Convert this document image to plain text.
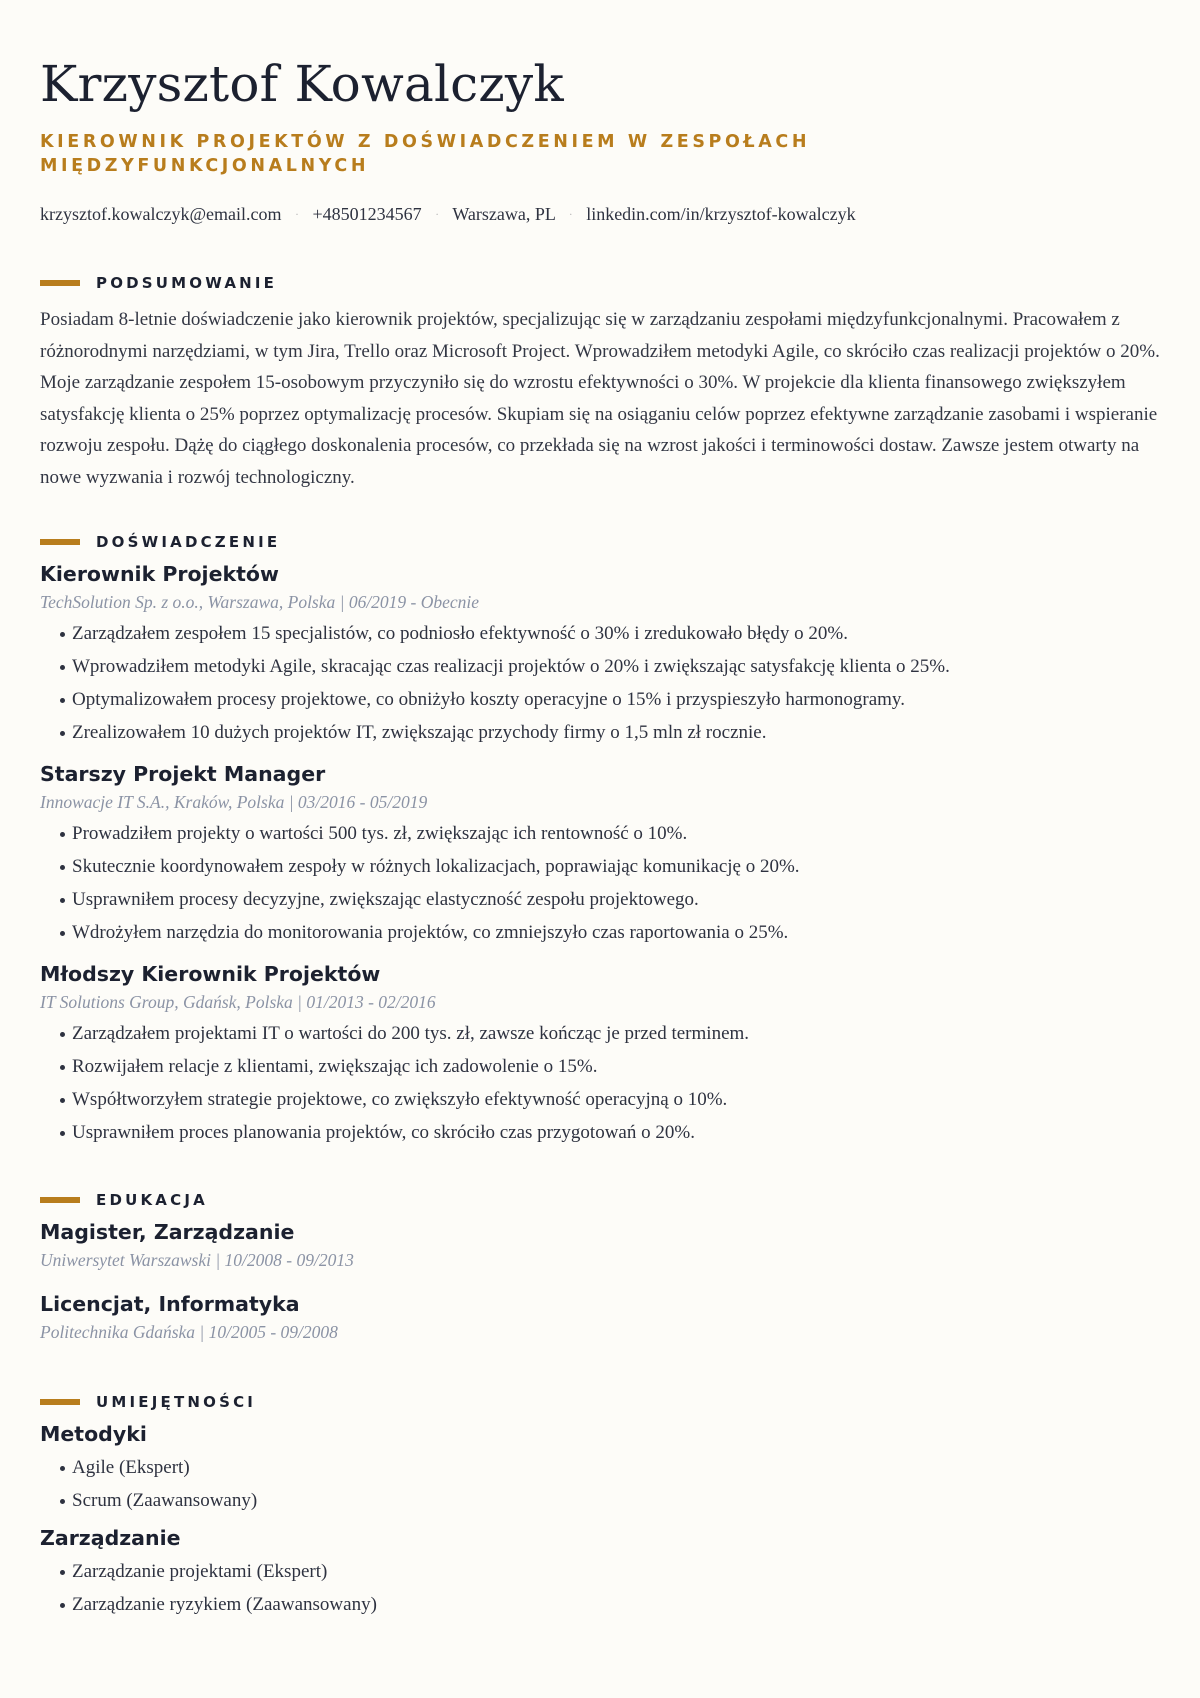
Krzysztof Kowalczyk
KIEROWNIK PROJEKTÓW Z DOŚWIADCZENIEM W ZESPOŁACH MIĘDZYFUNKCJONALNYCH
krzysztof.kowalczyk@email.com · +48501234567 · Warszawa, PL · linkedin.com/in/krzysztof-kowalczyk
PODSUMOWANIE

Posiadam 8-letnie doświadczenie jako kierownik projektów, specjalizując się w zarządzaniu zespołami międzyfunkcjonalnymi. Pracowałem z różnorodnymi narzędziami, w tym Jira, Trello oraz Microsoft Project. Wprowadziłem metodyki Agile, co skróciło czas realizacji projektów o 20%. Moje zarządzanie zespołem 15-osobowym przyczyniło się do wzrostu efektywności o 30%. W projekcie dla klienta finansowego zwiększyłem satysfakcję klienta o 25% poprzez optymalizację procesów. Skupiam się na osiąganiu celów poprzez efektywne zarządzanie zasobami i wspieranie rozwoju zespołu. Dążę do ciągłego doskonalenia procesów, co przekłada się na wzrost jakości i terminowości dostaw. Zawsze jestem otwarty na nowe wyzwania i rozwój technologiczny.

DOŚWIADCZENIE
Kierownik Projektów

TechSolution Sp. z o.o., Warszawa, Polska | 06/2019 - Obecnie

Zarządzałem zespołem 15 specjalistów, co podniosło efektywność o 30% i zredukowało błędy o 20%.
Wprowadziłem metodyki Agile, skracając czas realizacji projektów o 20% i zwiększając satysfakcję klienta o 25%.
Optymalizowałem procesy projektowe, co obniżyło koszty operacyjne o 15% i przyspieszyło harmonogramy.
Zrealizowałem 10 dużych projektów IT, zwiększając przychody firmy o 1,5 mln zł rocznie.
Starszy Projekt Manager

Innowacje IT S.A., Kraków, Polska | 03/2016 - 05/2019

Prowadziłem projekty o wartości 500 tys. zł, zwiększając ich rentowność o 10%.
Skutecznie koordynowałem zespoły w różnych lokalizacjach, poprawiając komunikację o 20%.
Usprawniłem procesy decyzyjne, zwiększając elastyczność zespołu projektowego.
Wdrożyłem narzędzia do monitorowania projektów, co zmniejszyło czas raportowania o 25%.
Młodszy Kierownik Projektów

IT Solutions Group, Gdańsk, Polska | 01/2013 - 02/2016

Zarządzałem projektami IT o wartości do 200 tys. zł, zawsze kończąc je przed terminem.
Rozwijałem relacje z klientami, zwiększając ich zadowolenie o 15%.
Współtworzyłem strategie projektowe, co zwiększyło efektywność operacyjną o 10%.
Usprawniłem proces planowania projektów, co skróciło czas przygotowań o 20%.
EDUKACJA
Magister, Zarządzanie

Uniwersytet Warszawski | 10/2008 - 09/2013

Licencjat, Informatyka

Politechnika Gdańska | 10/2005 - 09/2008

UMIEJĘTNOŚCI
Metodyki
Agile (Ekspert)
Scrum (Zaawansowany)
Zarządzanie
Zarządzanie projektami (Ekspert)
Zarządzanie ryzykiem (Zaawansowany)
